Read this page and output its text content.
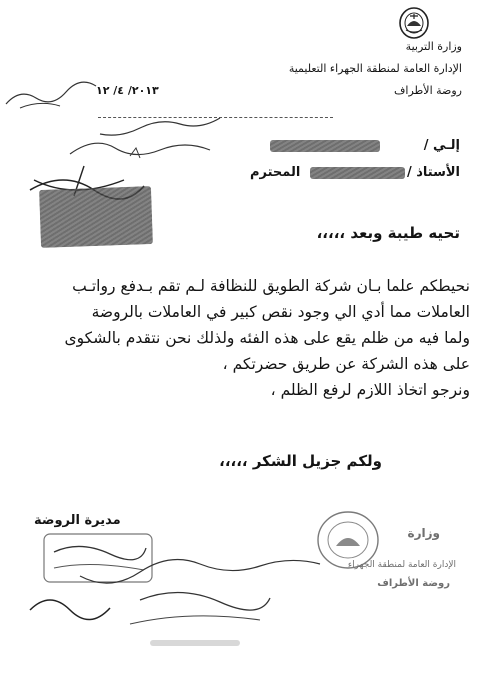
وزارة التربية
الإدارة العامة لمنطقة الجهراء التعليمية
روضة الأطراف
٢٠١٣/ ٤/ ١٢
إلـي /
الأستاذ /
المحترم
تحيه طيبة وبعد ،،،،،
نحيطكم علما بـان شركة الطويق للنظافة لـم تقم بـدفع رواتـب
العاملات مما أدي الي وجود نقص كبير في العاملات بالروضة
ولما فيه من ظلم يقع على هذه الفئه ولذلك نحن نتقدم بالشكوى
على هذه الشركة عن طريق حضرتكم ،
ونرجو اتخاذ اللازم لرفع الظلم ،
ولكم جزيل الشكر ،،،،،
مديرة الروضة
وزارة
الإدارة العامة لمنطقة الجهراء
روضة الأطراف
